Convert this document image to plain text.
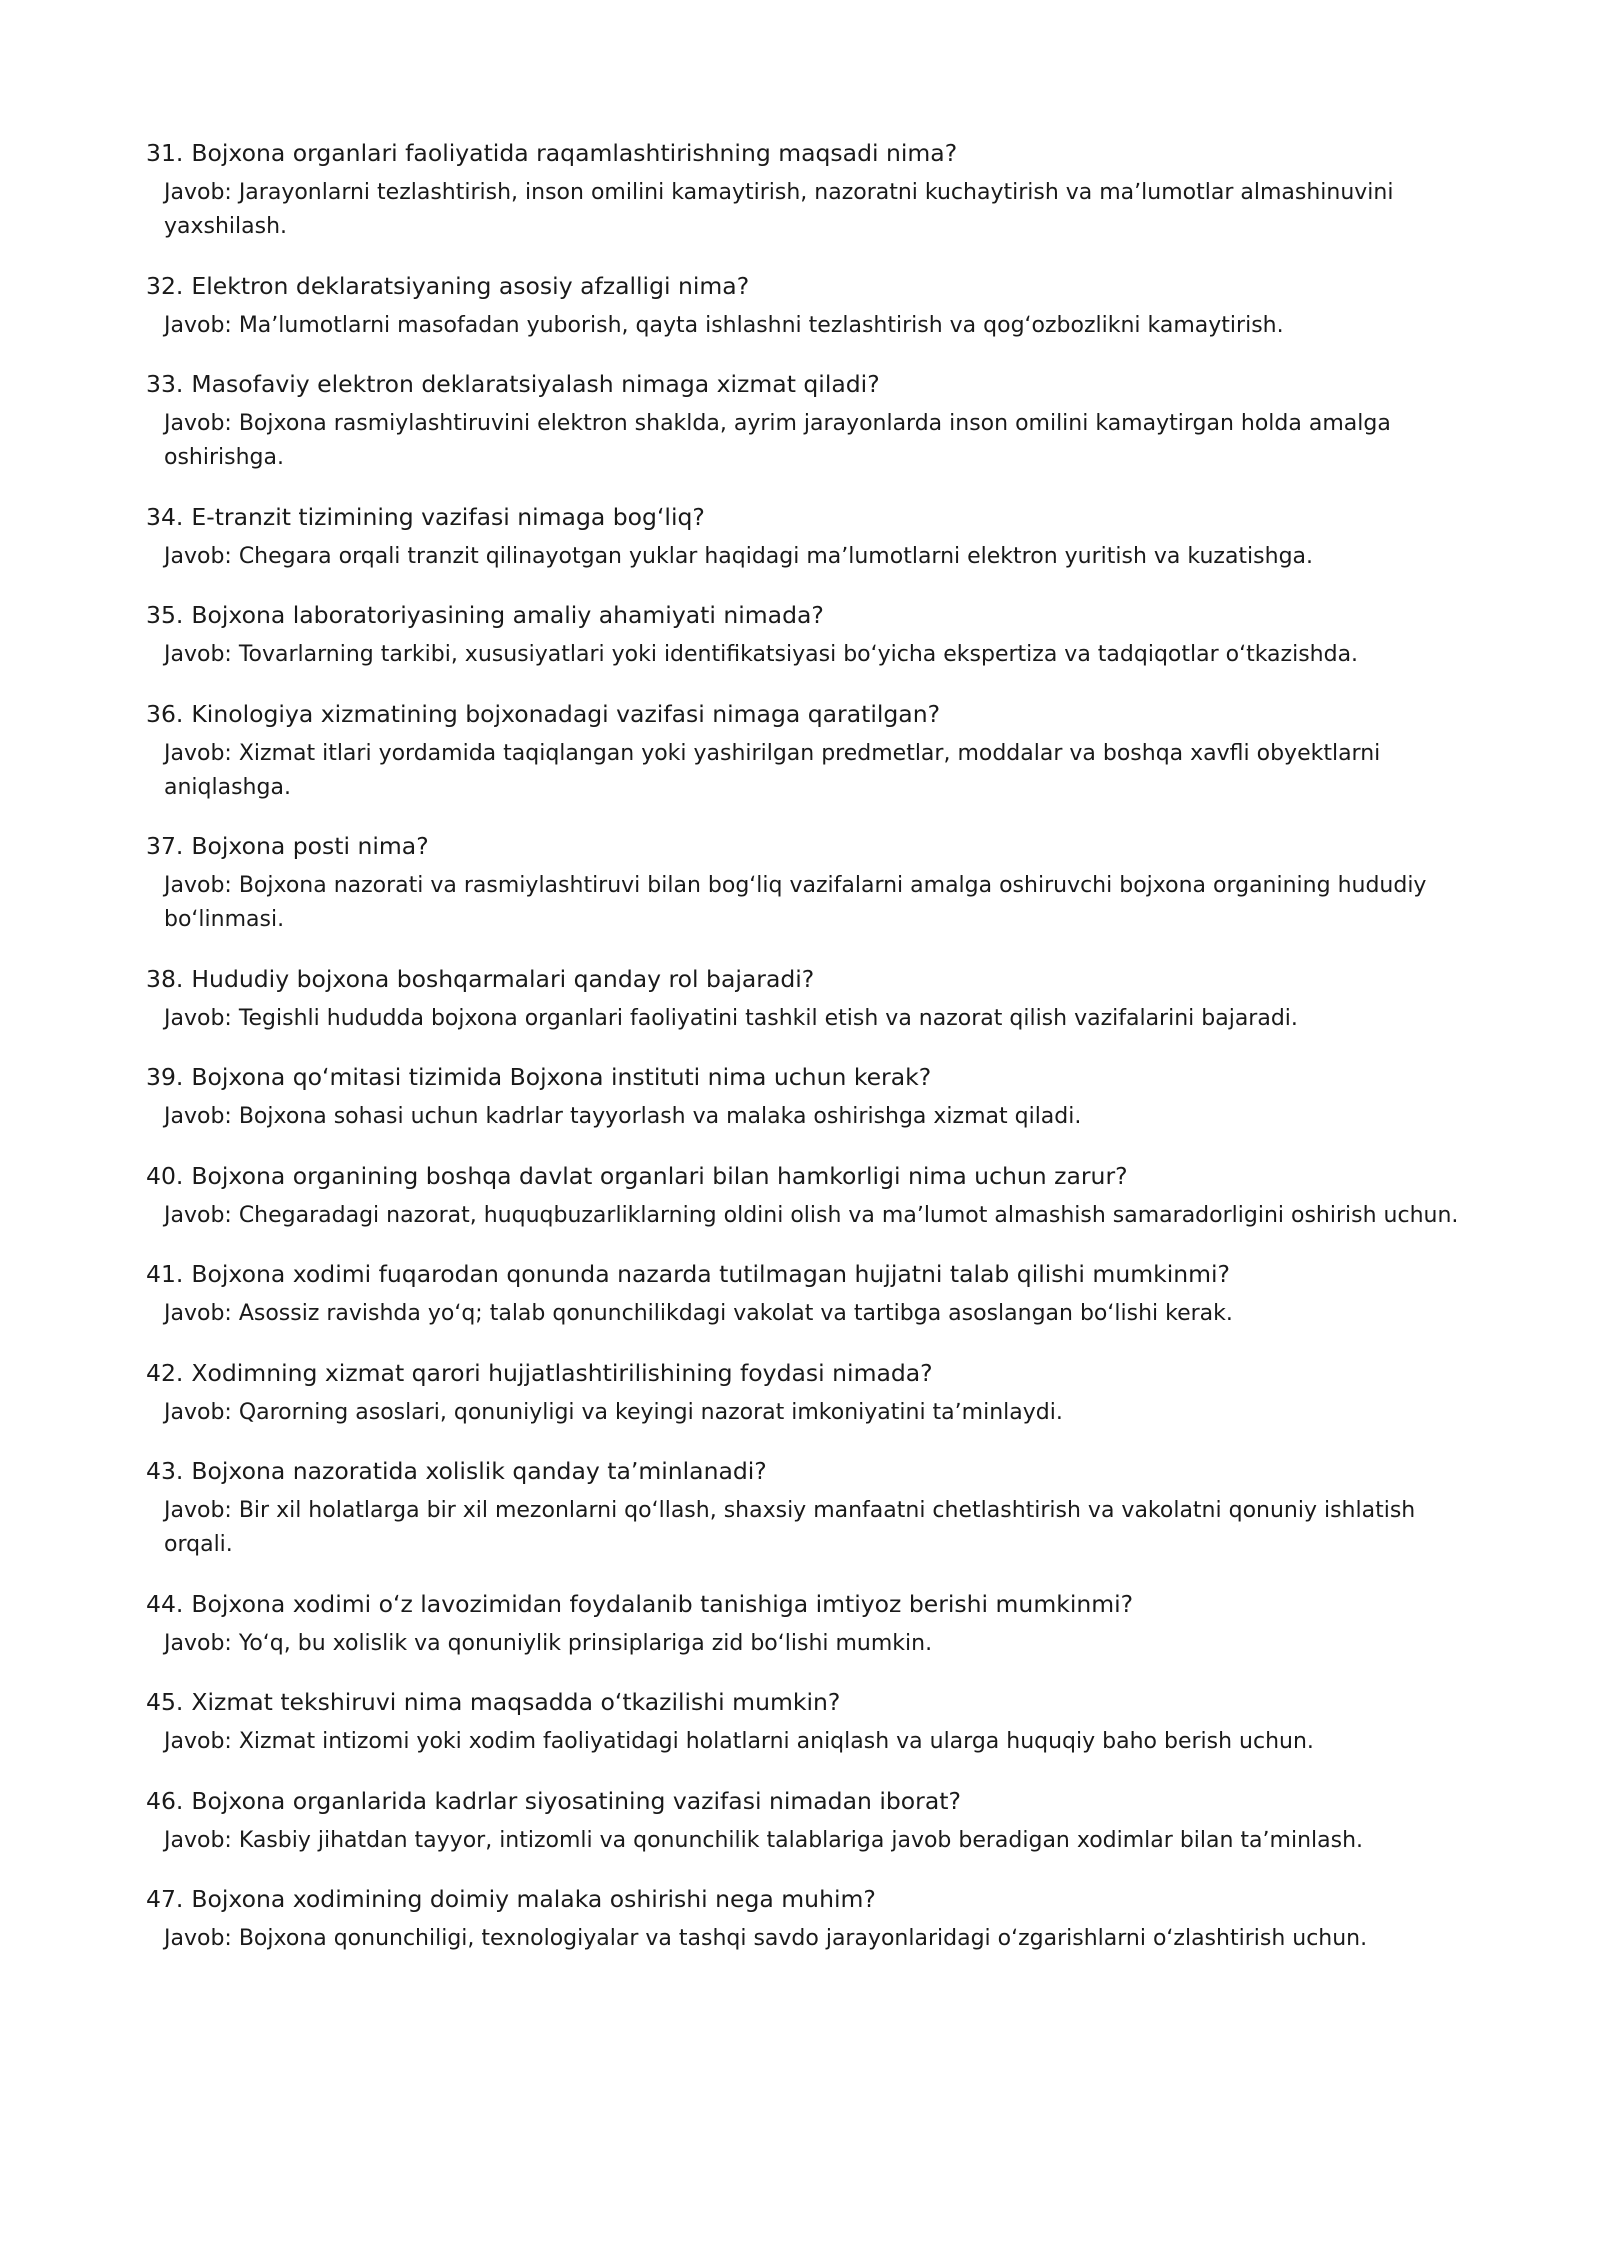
31. Bojxona organlari faoliyatida raqamlashtirishning maqsadi nima?

Javob: Jarayonlarni tezlashtirish, inson omilini kamaytirish, nazoratni kuchaytirish va maʼlumotlar almashinuvini yaxshilash.

32. Elektron deklaratsiyaning asosiy afzalligi nima?

Javob: Maʼlumotlarni masofadan yuborish, qayta ishlashni tezlashtirish va qogʻozbozlikni kamaytirish.

33. Masofaviy elektron deklaratsiyalash nimaga xizmat qiladi?

Javob: Bojxona rasmiylashtiruvini elektron shaklda, ayrim jarayonlarda inson omilini kamaytirgan holda amalga oshirishga.

34. E-tranzit tizimining vazifasi nimaga bogʻliq?

Javob: Chegara orqali tranzit qilinayotgan yuklar haqidagi maʼlumotlarni elektron yuritish va kuzatishga.

35. Bojxona laboratoriyasining amaliy ahamiyati nimada?

Javob: Tovarlarning tarkibi, xususiyatlari yoki identifikatsiyasi boʻyicha ekspertiza va tadqiqotlar oʻtkazishda.

36. Kinologiya xizmatining bojxonadagi vazifasi nimaga qaratilgan?

Javob: Xizmat itlari yordamida taqiqlangan yoki yashirilgan predmetlar, moddalar va boshqa xavfli obyektlarni aniqlashga.

37. Bojxona posti nima?

Javob: Bojxona nazorati va rasmiylashtiruvi bilan bogʻliq vazifalarni amalga oshiruvchi bojxona organining hududiy boʻlinmasi.

38. Hududiy bojxona boshqarmalari qanday rol bajaradi?

Javob: Tegishli hududda bojxona organlari faoliyatini tashkil etish va nazorat qilish vazifalarini bajaradi.

39. Bojxona qoʻmitasi tizimida Bojxona instituti nima uchun kerak?

Javob: Bojxona sohasi uchun kadrlar tayyorlash va malaka oshirishga xizmat qiladi.

40. Bojxona organining boshqa davlat organlari bilan hamkorligi nima uchun zarur?

Javob: Chegaradagi nazorat, huquqbuzarliklarning oldini olish va maʼlumot almashish samaradorligini oshirish uchun.

41. Bojxona xodimi fuqarodan qonunda nazarda tutilmagan hujjatni talab qilishi mumkinmi?

Javob: Asossiz ravishda yoʻq; talab qonunchilikdagi vakolat va tartibga asoslangan boʻlishi kerak.

42. Xodimning xizmat qarori hujjatlashtirilishining foydasi nimada?

Javob: Qarorning asoslari, qonuniyligi va keyingi nazorat imkoniyatini taʼminlaydi.

43. Bojxona nazoratida xolislik qanday taʼminlanadi?

Javob: Bir xil holatlarga bir xil mezonlarni qoʻllash, shaxsiy manfaatni chetlashtirish va vakolatni qonuniy ishlatish orqali.

44. Bojxona xodimi oʻz lavozimidan foydalanib tanishiga imtiyoz berishi mumkinmi?

Javob: Yoʻq, bu xolislik va qonuniylik prinsiplariga zid boʻlishi mumkin.

45. Xizmat tekshiruvi nima maqsadda oʻtkazilishi mumkin?

Javob: Xizmat intizomi yoki xodim faoliyatidagi holatlarni aniqlash va ularga huquqiy baho berish uchun.

46. Bojxona organlarida kadrlar siyosatining vazifasi nimadan iborat?

Javob: Kasbiy jihatdan tayyor, intizomli va qonunchilik talablariga javob beradigan xodimlar bilan taʼminlash.

47. Bojxona xodimining doimiy malaka oshirishi nega muhim?

Javob: Bojxona qonunchiligi, texnologiyalar va tashqi savdo jarayonlaridagi oʻzgarishlarni oʻzlashtirish uchun.
